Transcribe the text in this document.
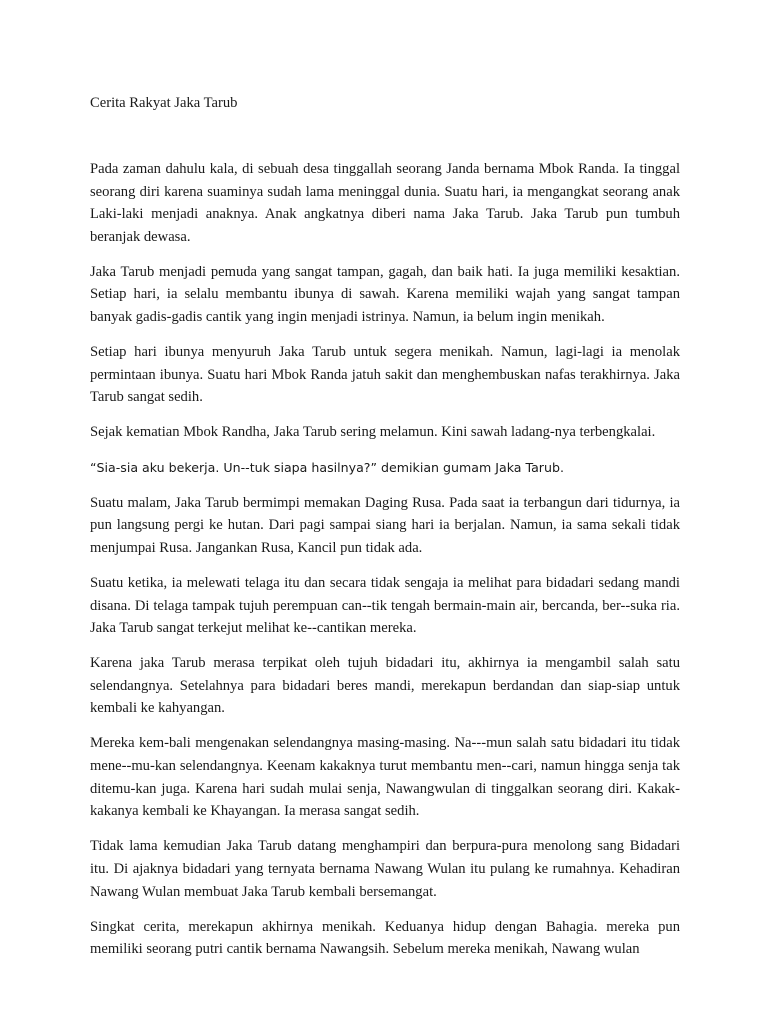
Cerita Rakyat Jaka Tarub

Pada zaman dahulu kala, di sebuah desa tinggallah seorang Janda bernama Mbok Randa. Ia tinggal seorang diri karena suaminya sudah lama meninggal dunia. Suatu hari, ia mengangkat seorang anak Laki-laki menjadi anaknya. Anak angkatnya diberi nama Jaka Tarub. Jaka Tarub pun tumbuh beranjak dewasa.

Jaka Tarub menjadi pemuda yang sangat tampan, gagah, dan baik hati. Ia juga memiliki kesaktian. Setiap hari, ia selalu membantu ibunya di sawah. Karena memiliki wajah yang sangat tampan banyak gadis-gadis cantik yang ingin menjadi istrinya. Namun, ia belum ingin menikah.

Setiap hari ibunya menyuruh Jaka Tarub untuk segera menikah. Namun, lagi-lagi ia menolak permintaan ibunya. Suatu hari Mbok Randa jatuh sakit dan menghembuskan nafas terakhirnya. Jaka Tarub sangat sedih.

Sejak kematian Mbok Randha, Jaka Tarub sering melamun. Kini sawah ladang-nya terbengkalai.

“Sia-sia aku bekerja. Un--tuk siapa hasilnya?” demikian gumam Jaka Tarub.

Suatu malam, Jaka Tarub bermimpi memakan Daging Rusa. Pada saat ia terbangun dari tidurnya, ia pun langsung pergi ke hutan. Dari pagi sampai siang hari ia berjalan. Namun, ia sama sekali tidak menjumpai Rusa. Jangankan Rusa, Kancil pun tidak ada.

Suatu ketika, ia melewati telaga itu dan secara tidak sengaja ia melihat para bidadari sedang mandi disana. Di telaga tampak tujuh perempuan can--tik tengah bermain-main air, bercanda, ber--suka ria. Jaka Tarub sangat terkejut melihat ke--cantikan mereka.

Karena jaka Tarub merasa terpikat oleh tujuh bidadari itu, akhirnya ia mengambil salah satu selendangnya. Setelahnya para bidadari beres mandi, merekapun berdandan dan siap-siap untuk kembali ke kahyangan.

Mereka kem-bali mengenakan selendangnya masing-masing. Na---mun salah satu bidadari itu tidak mene--mu-kan selendangnya. Keenam kakaknya turut membantu men--cari, namun hingga senja tak ditemu-kan juga. Karena hari sudah mulai senja, Nawangwulan di tinggalkan seorang diri. Kakak-kakanya kembali ke Khayangan. Ia merasa sangat sedih.

Tidak lama kemudian Jaka Tarub datang menghampiri dan berpura-pura menolong sang Bidadari itu. Di ajaknya bidadari yang ternyata bernama Nawang Wulan itu pulang ke rumahnya. Kehadiran Nawang Wulan membuat Jaka Tarub kembali bersemangat.

Singkat cerita, merekapun akhirnya menikah. Keduanya hidup dengan Bahagia. mereka pun memiliki seorang putri cantik bernama Nawangsih. Sebelum mereka menikah, Nawang wulan
